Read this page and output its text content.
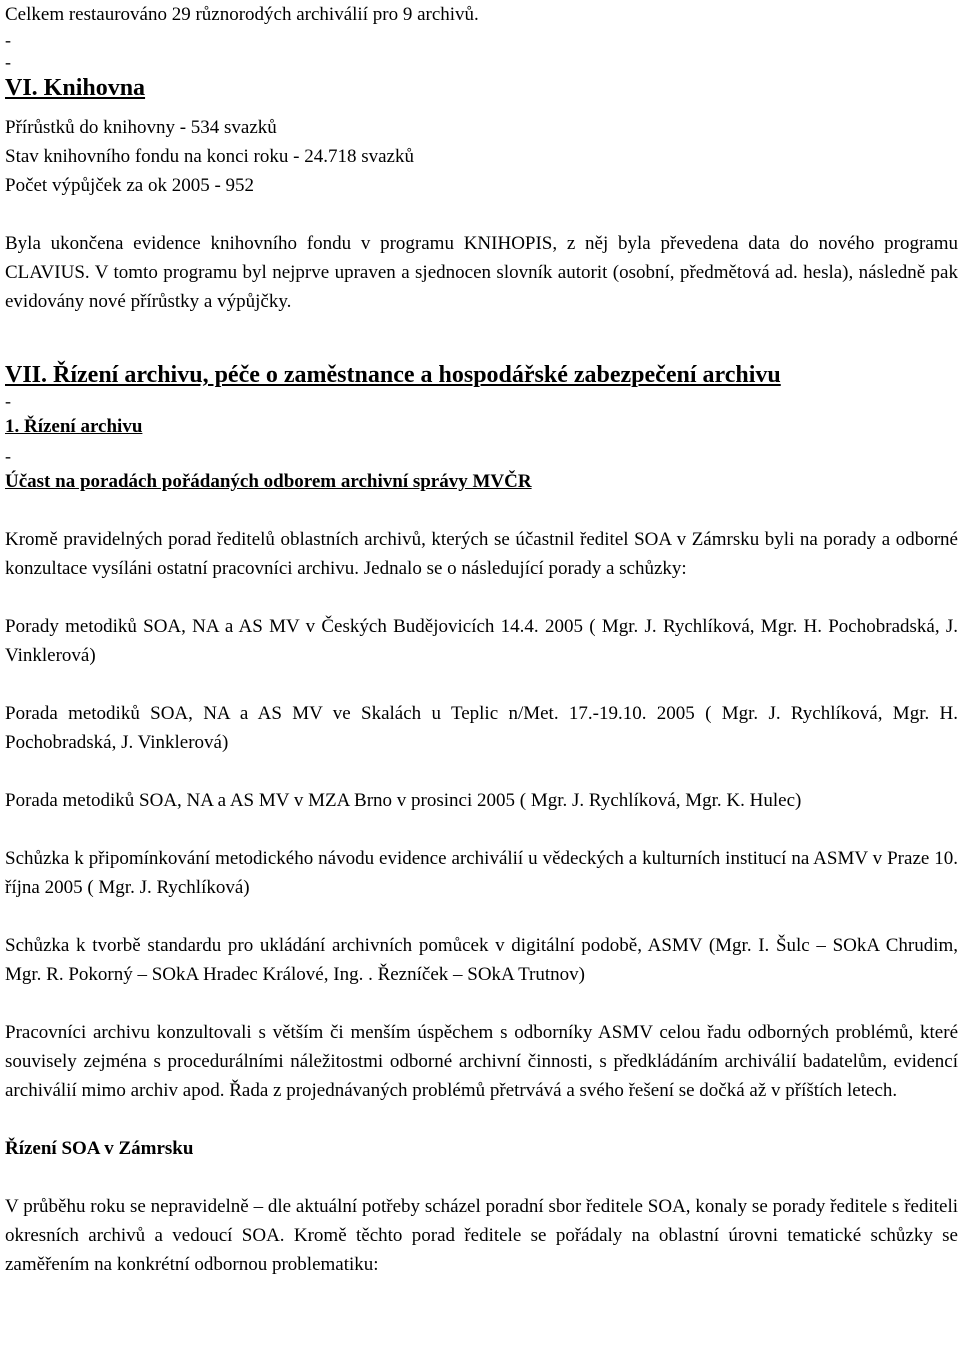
Celkem restaurováno 29 různorodých archiválií pro 9 archivů.

-

-

VI. Knihovna

Přírůstků do knihovny - 534 svazků

Stav knihovního fondu na konci roku - 24.718 svazků

Počet výpůjček za ok 2005 - 952

Byla ukončena evidence knihovního fondu v programu KNIHOPIS, z něj byla převedena data do nového programu CLAVIUS. V tomto programu byl nejprve upraven a sjednocen slovník autorit (osobní, předmětová ad. hesla), následně pak evidovány nové přírůstky a výpůjčky.

VII. Řízení archivu, péče o zaměstnance a hospodářské zabezpečení archivu

-

1. Řízení archivu

-

Účast na poradách pořádaných odborem archivní správy MVČR

Kromě pravidelných porad ředitelů oblastních archivů, kterých se účastnil ředitel SOA v Zámrsku byli na porady a odborné konzultace vysíláni ostatní pracovníci archivu. Jednalo se o následující porady a schůzky:

Porady metodiků SOA, NA a AS MV v Českých Budějovicích 14.4. 2005 ( Mgr. J. Rychlíková, Mgr. H. Pochobradská, J. Vinklerová)

Porada metodiků SOA, NA a AS MV ve Skalách u Teplic n/Met. 17.-19.10. 2005 ( Mgr. J. Rychlíková, Mgr. H. Pochobradská, J. Vinklerová)

Porada metodiků SOA, NA a AS MV v MZA Brno v prosinci 2005 ( Mgr. J. Rychlíková, Mgr. K. Hulec)

Schůzka k připomínkování metodického návodu evidence archiválií u vědeckých a kulturních institucí na ASMV v Praze 10. října 2005 ( Mgr. J. Rychlíková)

Schůzka k tvorbě standardu pro ukládání archivních pomůcek v digitální podobě, ASMV (Mgr. I. Šulc – SOkA Chrudim, Mgr. R. Pokorný – SOkA Hradec Králové, Ing. . Řezníček – SOkA Trutnov)

Pracovníci archivu konzultovali s větším či menším úspěchem s odborníky ASMV celou řadu odborných problémů, které souvisely zejména s procedurálními náležitostmi odborné archivní činnosti, s předkládáním archiválií badatelům, evidencí archiválií mimo archiv apod. Řada z projednávaných problémů přetrvává a svého řešení se dočká až v příštích letech.

Řízení SOA v Zámrsku

V průběhu roku se nepravidelně – dle aktuální potřeby scházel poradní sbor ředitele SOA, konaly se porady ředitele s řediteli okresních archivů a vedoucí SOA. Kromě těchto porad ředitele se pořádaly na oblastní úrovni tematické schůzky se zaměřením na konkrétní odbornou problematiku:
